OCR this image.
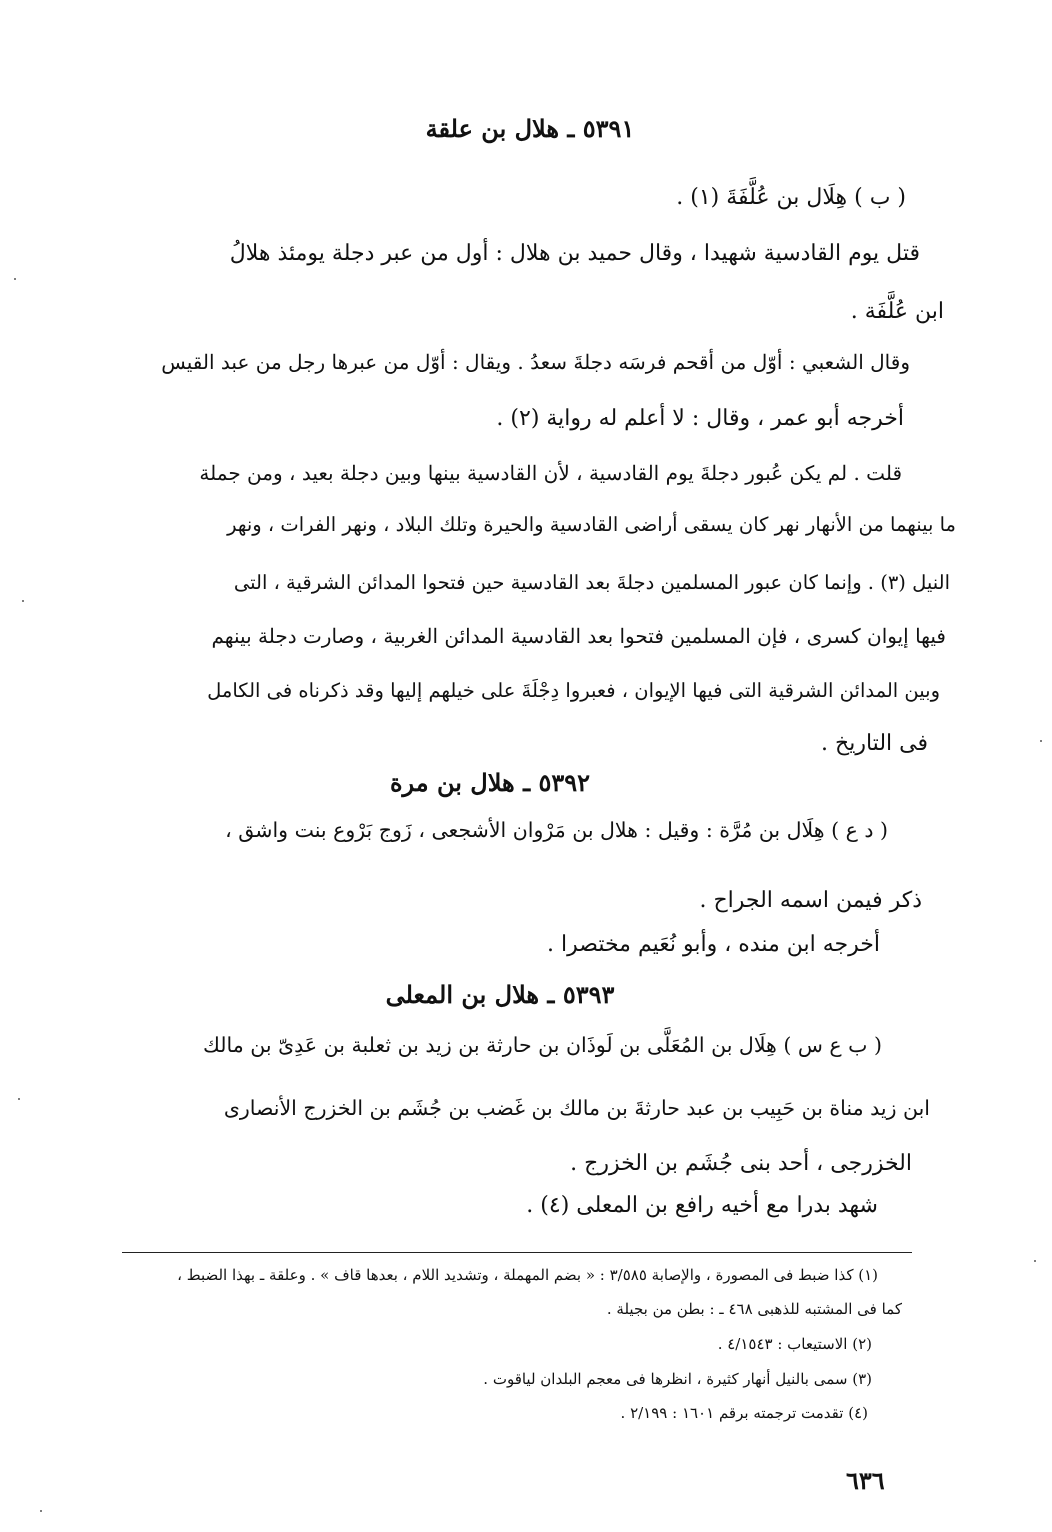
٥٣٩١ ـ هلال بن علقة
( ب ) هِلَال بن عُلَّفَةَ (١) .
قتل يوم القادسية شهيدا ، وقال حميد بن هلال : أول من عبر دجلة يومئذ هلالُ
ابن عُلَّفَة .
وقال الشعبي : أوّل من أقحم فرسَه دجلةَ سعدُ . ويقال : أوّل من عبرها رجل من عبد القيس
أخرجه أبو عمر ، وقال : لا أعلم له رواية (٢) .
قلت . لم يكن عُبور دجلةَ يوم القادسية ، لأن القادسية بينها وبين دجلة بعيد ، ومن جملة
ما بينهما من الأنهار نهر كان يسقى أراضى القادسية والحيرة وتلك البلاد ، ونهر الفرات ، ونهر
النيل (٣) . وإنما كان عبور المسلمين دجلةَ بعد القادسية حين فتحوا المدائن الشرقية ، التى
فيها إيوان كسرى ، فإن المسلمين فتحوا بعد القادسية المدائن الغربية ، وصارت دجلة بينهم
وبين المدائن الشرقية التى فيها الإيوان ، فعبروا دِجْلَةَ على خيلهم إليها وقد ذكرناه فى الكامل
فى التاريخ .
٥٣٩٢ ـ هلال بن مرة
( د ع ) هِلَال بن مُرَّة : وقيل : هلال بن مَرْوان الأشجعى ، زَوج بَرْوع بنت واشق ،
ذكر فيمن اسمه الجراح .
أخرجه ابن منده ، وأبو نُعَيم مختصرا .
٥٣٩٣ ـ هلال بن المعلى
( ب ع س ) هِلَال بن المُعَلَّى بن لَوذَان بن حارثة بن زيد بن ثعلبة بن عَدِىّ بن مالك
ابن زيد مناة بن حَبِيب بن عبد حارثةَ بن مالك بن غَضب بن جُشَم بن الخزرج الأنصارى
الخزرجى ، أحد بنى جُشَم بن الخزرج .
شهد بدرا مع أخيه رافع بن المعلى (٤) .
(١) كذا ضبط فى المصورة ، والإصابة ٣/٥٨٥ : « بضم المهملة ، وتشديد اللام ، بعدها قاف » . وعلقة ـ بهذا الضبط ،
كما فى المشتبه للذهبى ٤٦٨ ـ : بطن من بجيلة .
(٢) الاستيعاب : ٤/١٥٤٣ .
(٣) سمى بالنيل أنهار كثيرة ، انظرها فى معجم البلدان لياقوت .
(٤) تقدمت ترجمته برقم ١٦٠١ : ٢/١٩٩ .
٦٣٦
